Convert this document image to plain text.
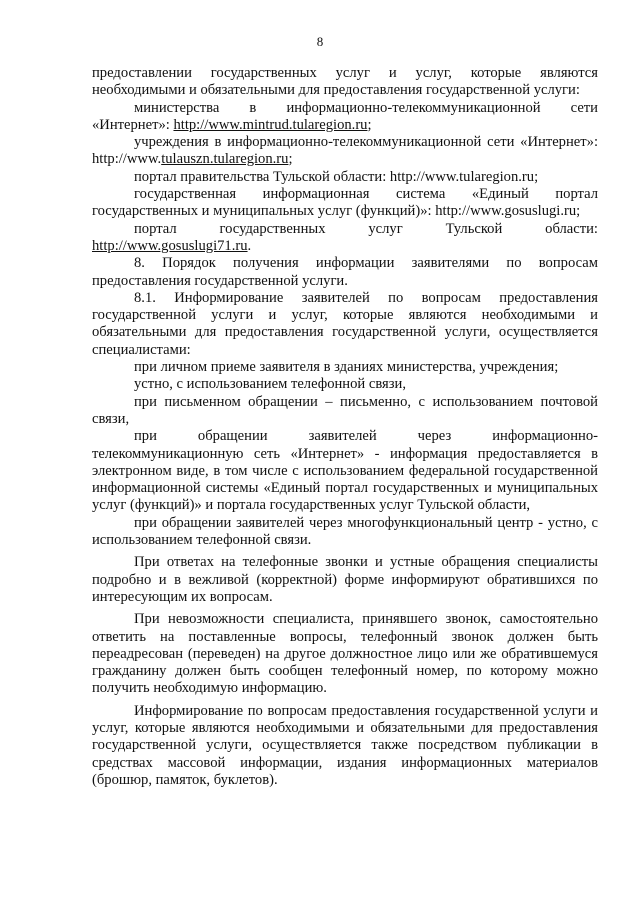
8

предоставлении государственных услуг и услуг, которые являются необходимыми и обязательными для предоставления государственной услуги:

министерства в информационно-телекоммуникационной сети «Интернет»: http://www.mintrud.tularegion.ru;

учреждения в информационно-телекоммуникационной сети «Интернет»: http://www.tulauszn.tularegion.ru;

портал правительства Тульской области: http://www.tularegion.ru;

государственная информационная система «Единый портал государственных и муниципальных услуг (функций)»: http://www.gosuslugi.ru;

портал государственных услуг Тульской области: http://www.gosuslugi71.ru.

8. Порядок получения информации заявителями по вопросам предоставления государственной услуги.

8.1. Информирование заявителей по вопросам предоставления государственной услуги и услуг, которые являются необходимыми и обязательными для предоставления государственной услуги, осуществляется специалистами:

при личном приеме заявителя в зданиях министерства, учреждения;

устно, с использованием телефонной связи,

при письменном обращении – письменно, с использованием почтовой связи,

при обращении заявителей через информационно-телекоммуникационную сеть «Интернет» - информация предоставляется в электронном виде, в том числе с использованием федеральной государственной информационной системы «Единый портал государственных и муниципальных услуг (функций)» и портала государственных услуг Тульской области,

при обращении заявителей через многофункциональный центр - устно, с использованием телефонной связи.

При ответах на телефонные звонки и устные обращения специалисты подробно и в вежливой (корректной) форме информируют обратившихся по интересующим их вопросам.

При невозможности специалиста, принявшего звонок, самостоятельно ответить на поставленные вопросы, телефонный звонок должен быть переадресован (переведен) на другое должностное лицо или же обратившемуся гражданину должен быть сообщен телефонный номер, по которому можно получить необходимую информацию.

Информирование по вопросам предоставления государственной услуги и услуг, которые являются необходимыми и обязательными для предоставления государственной услуги, осуществляется также посредством публикации в средствах массовой информации, издания информационных материалов (брошюр, памяток, буклетов).
